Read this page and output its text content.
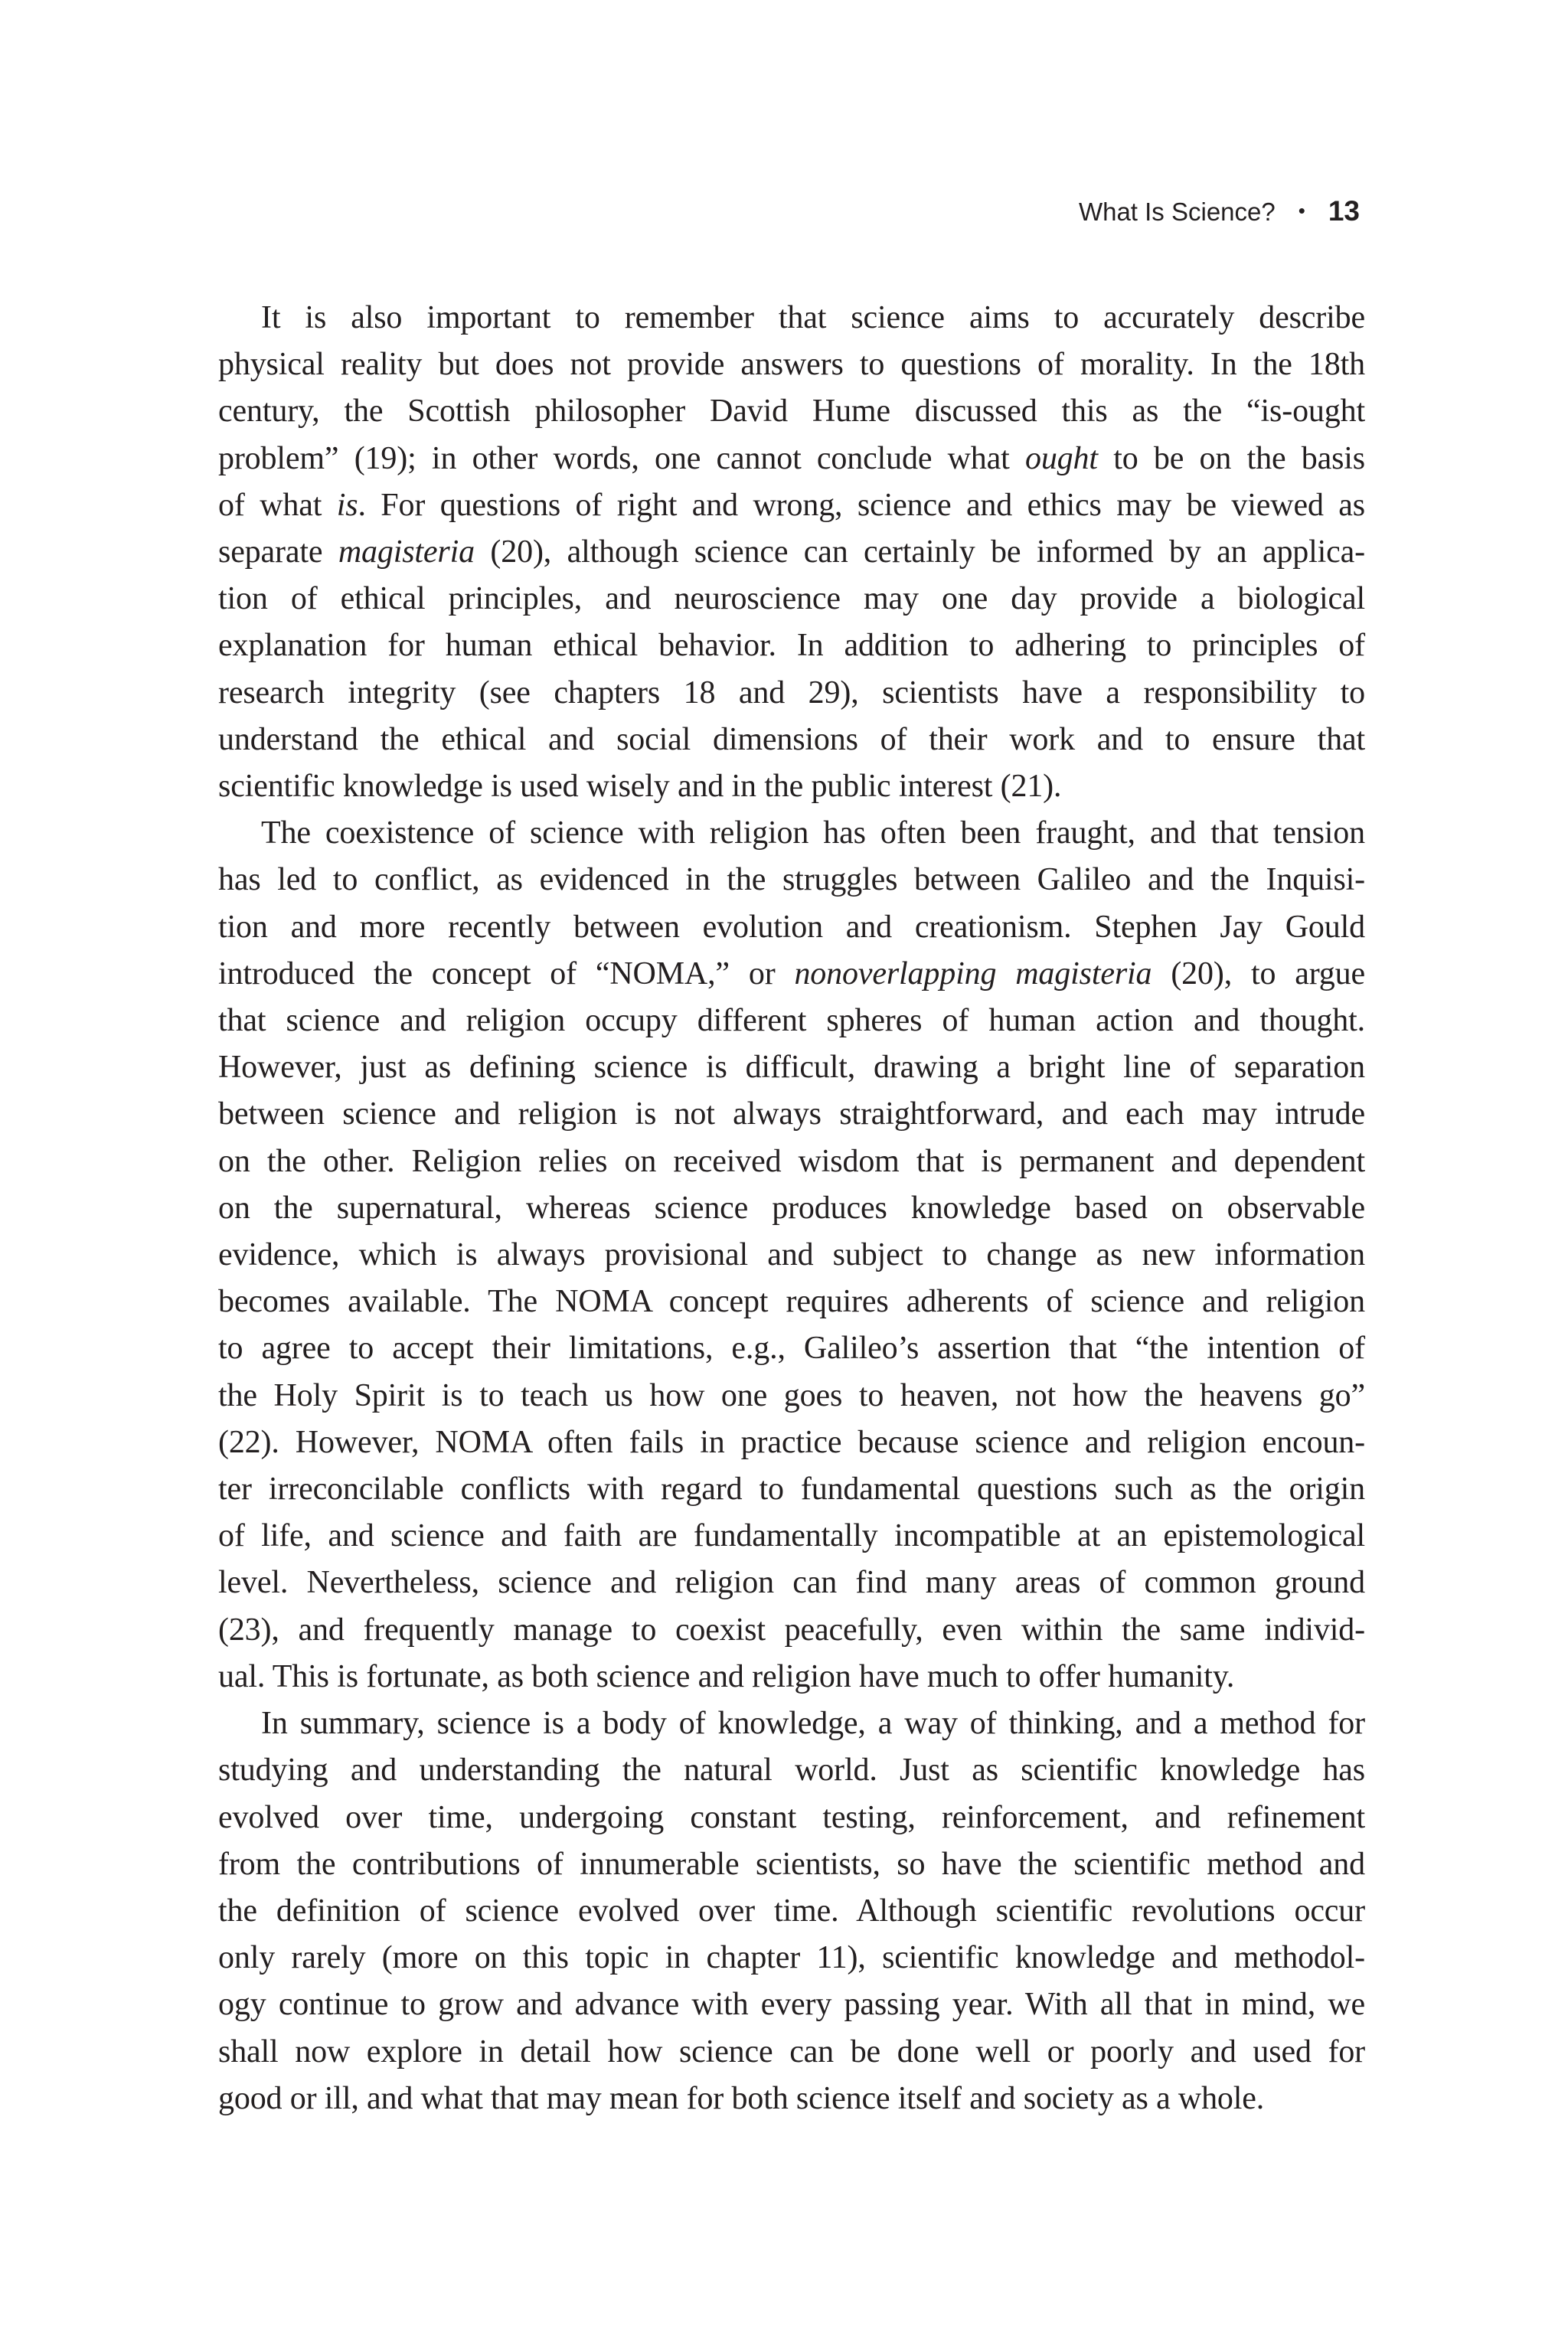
What Is Science? • 13

It is also important to remember that science aims to accurately describe
physical reality but does not provide answers to questions of morality. In the 18th
century, the Scottish philosopher David Hume discussed this as the “is-ought
problem” (19); in other words, one cannot conclude what ought to be on the basis
of what is. For questions of right and wrong, science and ethics may be viewed as
separate magisteria (20), although science can certainly be informed by an applica-
tion of ethical principles, and neuroscience may one day provide a biological
explanation for human ethical behavior. In addition to adhering to principles of
research integrity (see chapters 18 and 29), scientists have a responsibility to
understand the ethical and social dimensions of their work and to ensure that
scientific knowledge is used wisely and in the public interest (21).

The coexistence of science with religion has often been fraught, and that tension
has led to conflict, as evidenced in the struggles between Galileo and the Inquisi-
tion and more recently between evolution and creationism. Stephen Jay Gould
introduced the concept of “NOMA,” or nonoverlapping magisteria (20), to argue
that science and religion occupy different spheres of human action and thought.
However, just as defining science is difficult, drawing a bright line of separation
between science and religion is not always straightforward, and each may intrude
on the other. Religion relies on received wisdom that is permanent and dependent
on the supernatural, whereas science produces knowledge based on observable
evidence, which is always provisional and subject to change as new information
becomes available. The NOMA concept requires adherents of science and religion
to agree to accept their limitations, e.g., Galileo’s assertion that “the intention of
the Holy Spirit is to teach us how one goes to heaven, not how the heavens go”
(22). However, NOMA often fails in practice because science and religion encoun-
ter irreconcilable conflicts with regard to fundamental questions such as the origin
of life, and science and faith are fundamentally incompatible at an epistemological
level. Nevertheless, science and religion can find many areas of common ground
(23), and frequently manage to coexist peacefully, even within the same individ-
ual. This is fortunate, as both science and religion have much to offer humanity.

In summary, science is a body of knowledge, a way of thinking, and a method for
studying and understanding the natural world. Just as scientific knowledge has
evolved over time, undergoing constant testing, reinforcement, and refinement
from the contributions of innumerable scientists, so have the scientific method and
the definition of science evolved over time. Although scientific revolutions occur
only rarely (more on this topic in chapter 11), scientific knowledge and methodol-
ogy continue to grow and advance with every passing year. With all that in mind, we
shall now explore in detail how science can be done well or poorly and used for
good or ill, and what that may mean for both science itself and society as a whole.
